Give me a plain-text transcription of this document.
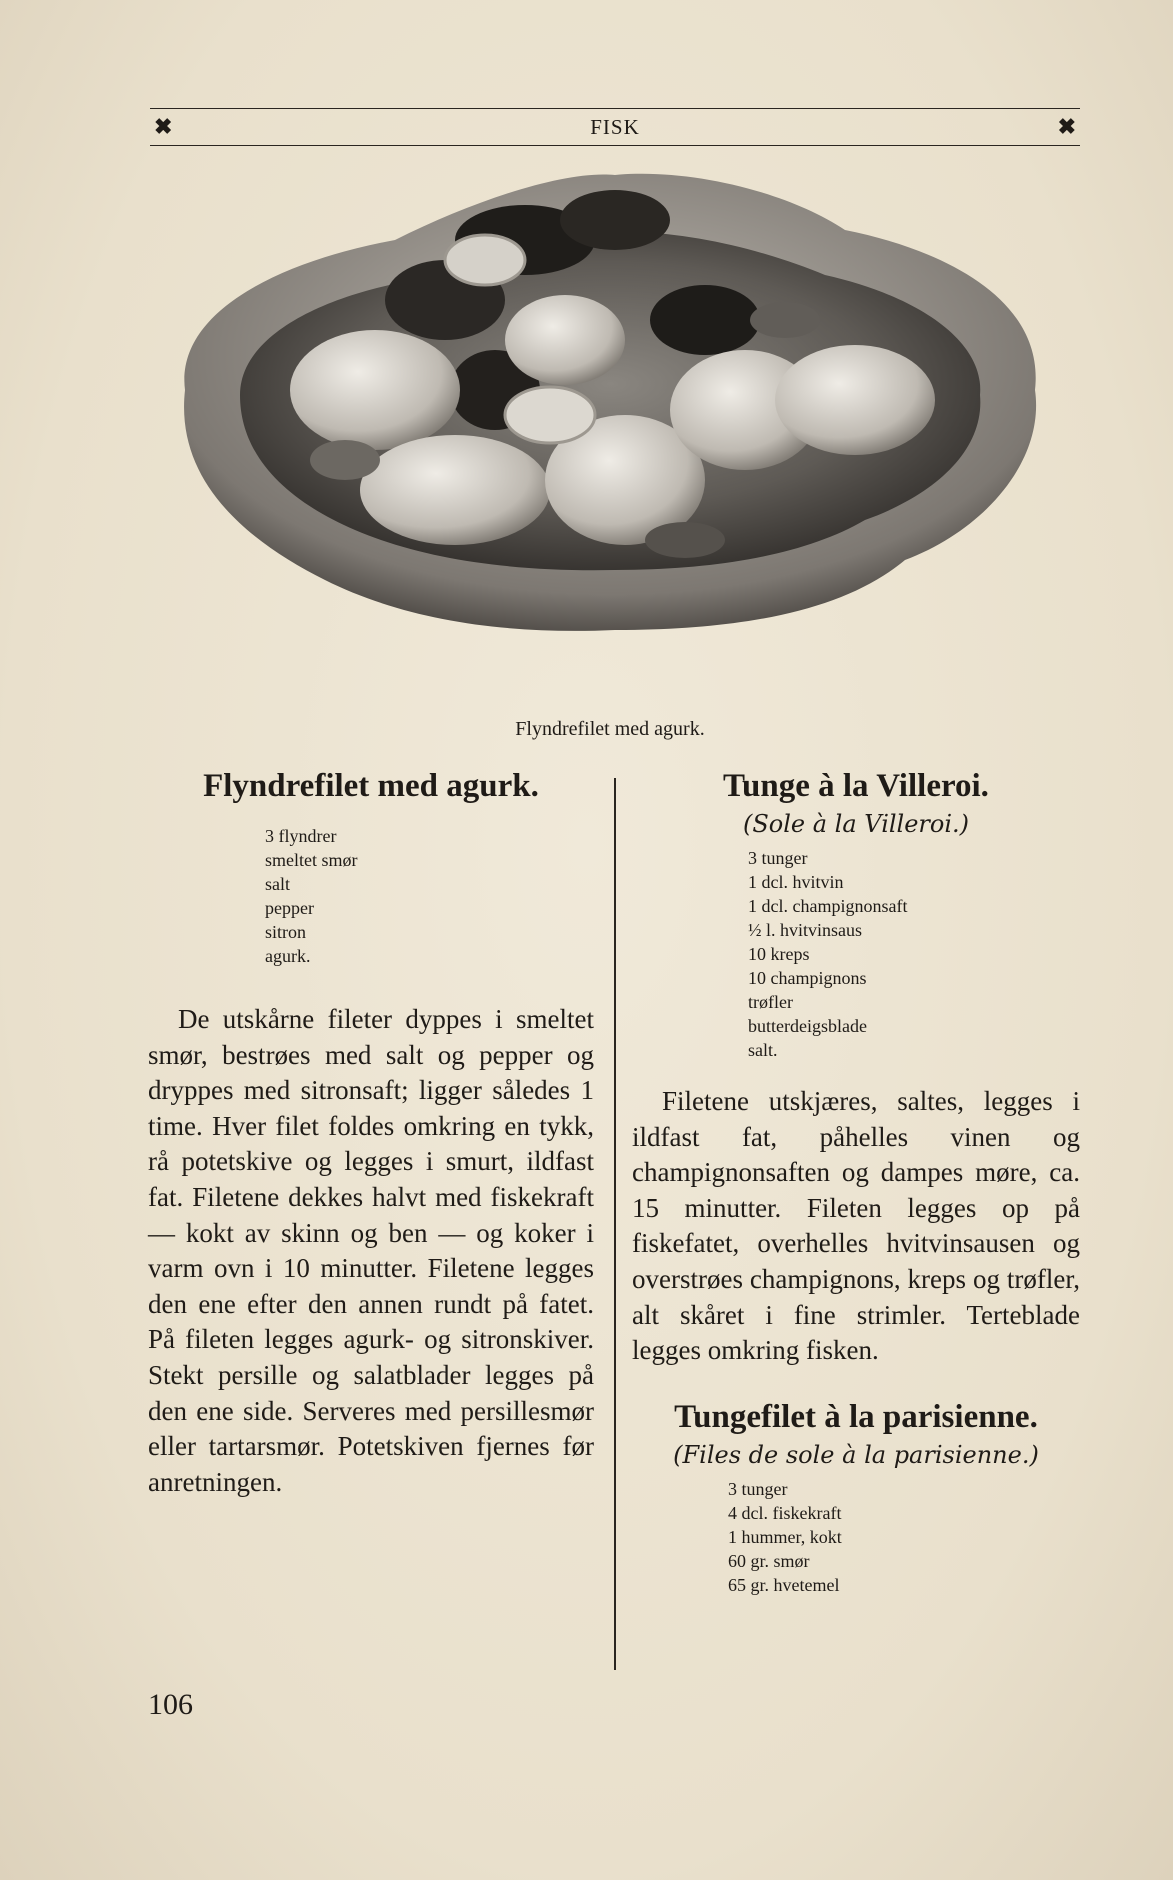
✖	FISK	✖
Flyndrefilet med agurk.
Flyndrefilet med agurk.
3 flyndrer
smeltet smør
salt
pepper
sitron
agurk.

De utskårne fileter dyppes i smeltet smør, bestrøes med salt og pepper og dryppes med sitronsaft; ligger således 1 time. Hver filet foldes omkring en tykk, rå potetskive og legges i smurt, ildfast fat. Filetene dekkes halvt med fiskekraft — kokt av skinn og ben — og koker i varm ovn i 10 minutter. Filetene legges den ene efter den annen rundt på fatet. På fileten legges agurk- og sitronskiver. Stekt persille og salatblader legges på den ene side. Serveres med persillesmør eller tartarsmør. Potetskiven fjernes før anretningen.

Tunge à la Villeroi.
(Sole à la Villeroi.)
3 tunger
1 dcl. hvitvin
1 dcl. champignonsaft
½ l. hvitvinsaus
10 kreps
10 champignons
trøfler
butterdeigsblade
salt.

Filetene utskjæres, saltes, legges i ildfast fat, påhelles vinen og champignonsaften og dampes møre, ca. 15 minutter. Fileten legges op på fiskefatet, overhelles hvitvinsausen og overstrøes champignons, kreps og trøfler, alt skåret i fine strimler. Terteblade legges omkring fisken.

Tungefilet à la parisienne.
(Files de sole à la parisienne.)
3 tunger
4 dcl. fiskekraft
1 hummer, kokt
60 gr. smør
65 gr. hvetemel
106
